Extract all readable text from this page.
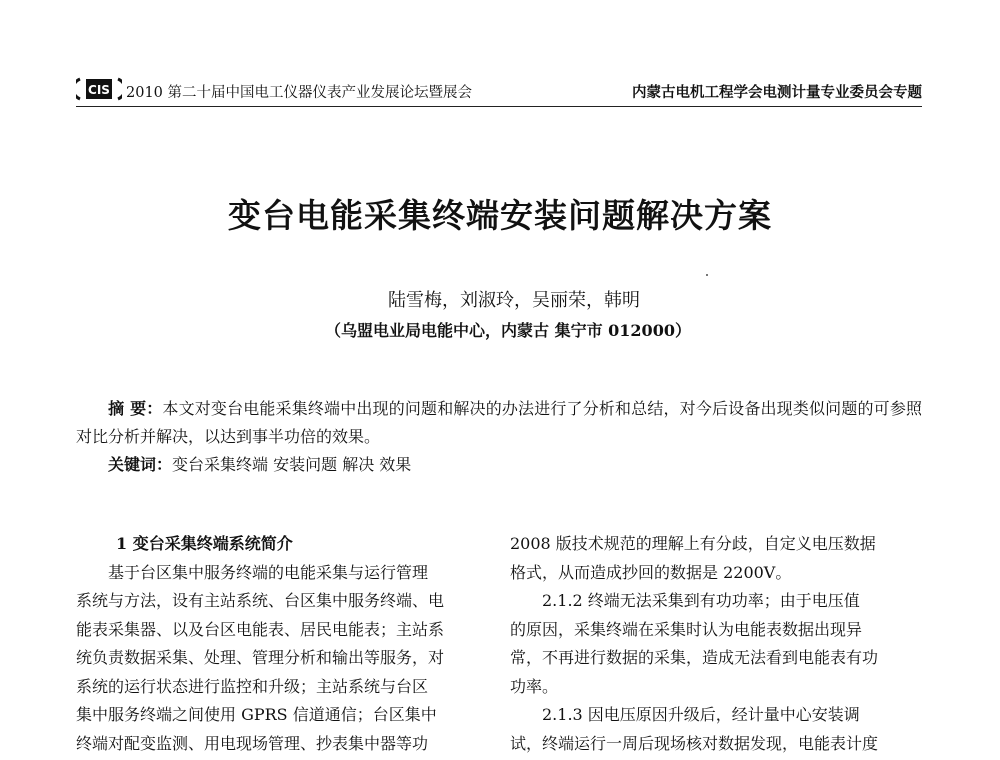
CIS 2010 第二十届中国电工仪器仪表产业发展论坛暨展会	内蒙古电机工程学会电测计量专业委员会专题
变台电能采集终端安装问题解决方案
陆雪梅，刘淑玲，吴丽荣，韩明
（乌盟电业局电能中心，内蒙古 集宁市 012000）
摘 要：本文对变台电能采集终端中出现的问题和解决的办法进行了分析和总结，对今后设备出现类似问题的可参照对比分析并解决，以达到事半功倍的效果。
关键词：变台采集终端 安装问题 解决 效果
1 变台采集终端系统简介
基于台区集中服务终端的电能采集与运行管理
系统与方法，设有主站系统、台区集中服务终端、电
能表采集器、以及台区电能表、居民电能表；主站系
统负责数据采集、处理、管理分析和输出等服务，对
系统的运行状态进行监控和升级；主站系统与台区
集中服务终端之间使用 GPRS 信道通信；台区集中
终端对配变监测、用电现场管理、抄表集中器等功
2008 版技术规范的理解上有分歧，自定义电压数据
格式，从而造成抄回的数据是 2200V。
2.1.2 终端无法采集到有功功率；由于电压值
的原因，采集终端在采集时认为电能表数据出现异
常，不再进行数据的采集，造成无法看到电能表有功
功率。
2.1.3 因电压原因升级后，经计量中心安装调
试，终端运行一周后现场核对数据发现，电能表计度
